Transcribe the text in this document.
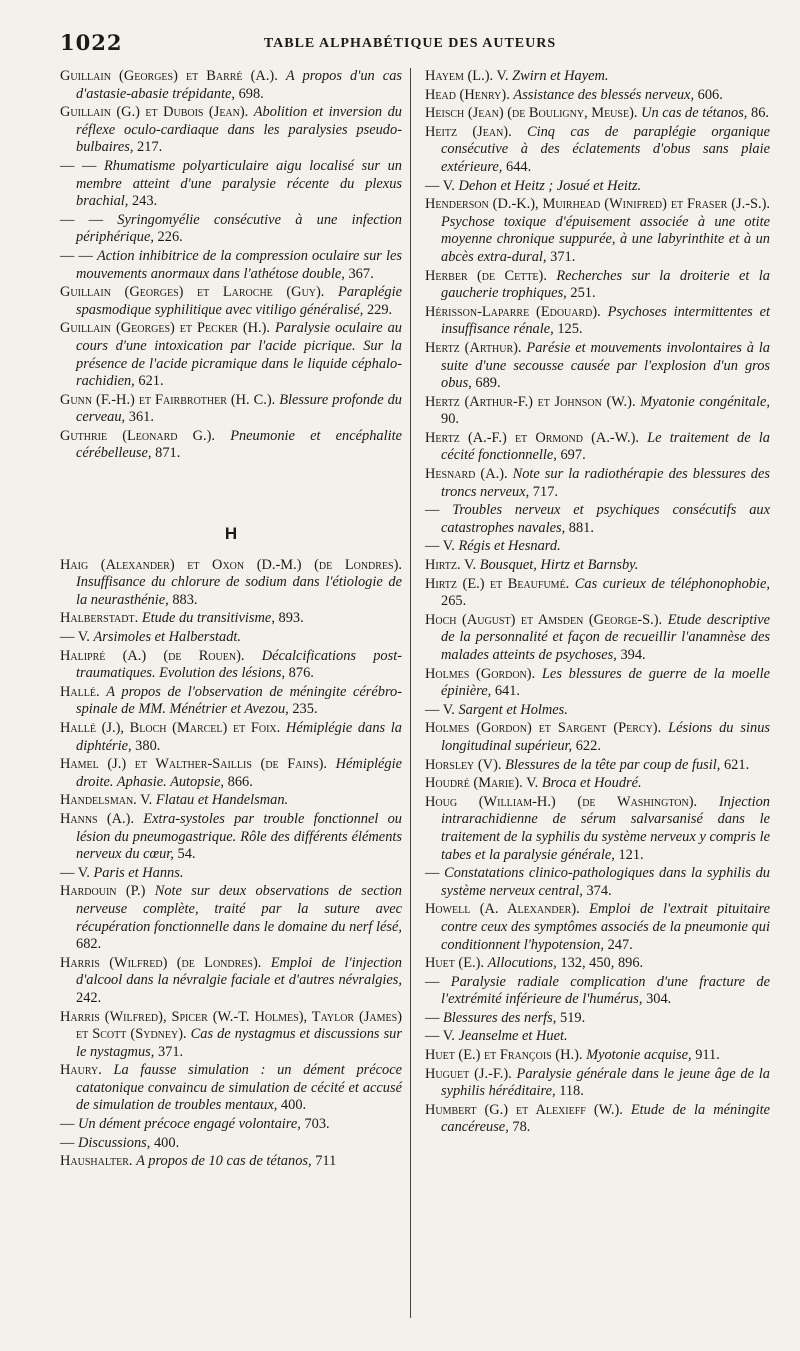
1022	TABLE ALPHABÉTIQUE DES AUTEURS

Guillain (Georges) et Barré (A.). A propos d'un cas d'astasie-abasie trépidante, 698.

Guillain (G.) et Dubois (Jean). Abolition et inversion du réflexe oculo-cardiaque dans les paralysies pseudo-bulbaires, 217.

— — Rhumatisme polyarticulaire aigu localisé sur un membre atteint d'une paralysie récente du plexus brachial, 243.

— — Syringomyélie consécutive à une infection périphérique, 226.

— — Action inhibitrice de la compression oculaire sur les mouvements anormaux dans l'athétose double, 367.

Guillain (Georges) et Laroche (Guy). Paraplégie spasmodique syphilitique avec vitiligo généralisé, 229.

Guillain (Georges) et Pecker (H.). Paralysie oculaire au cours d'une intoxication par l'acide picrique. Sur la présence de l'acide picramique dans le liquide céphalo-rachidien, 621.

Gunn (F.-H.) et Fairbrother (H. C.). Blessure profonde du cerveau, 361.

Guthrie (Leonard G.). Pneumonie et encéphalite cérébelleuse, 871.

H

Haig (Alexander) et Oxon (D.-M.) (de Londres). Insuffisance du chlorure de sodium dans l'étiologie de la neurasthénie, 883.

Halberstadt. Etude du transitivisme, 893.

— V. Arsimoles et Halberstadt.

Halipré (A.) (de Rouen). Décalcifications post-traumatiques. Evolution des lésions, 876.

Hallé. A propos de l'observation de méningite cérébro-spinale de MM. Ménétrier et Avezou, 235.

Hallé (J.), Bloch (Marcel) et Foix. Hémiplégie dans la diphtérie, 380.

Hamel (J.) et Walther-Saillis (de Fains). Hémiplégie droite. Aphasie. Autopsie, 866.

Handelsman. V. Flatau et Handelsman.

Hanns (A.). Extra-systoles par trouble fonctionnel ou lésion du pneumogastrique. Rôle des différents éléments nerveux du cœur, 54.

— V. Paris et Hanns.

Hardouin (P.) Note sur deux observations de section nerveuse complète, traité par la suture avec récupération fonctionnelle dans le domaine du nerf lésé, 682.

Harris (Wilfred) (de Londres). Emploi de l'injection d'alcool dans la névralgie faciale et d'autres névralgies, 242.

Harris (Wilfred), Spicer (W.-T. Holmes), Taylor (James) et Scott (Sydney). Cas de nystagmus et discussions sur le nystagmus, 371.

Haury. La fausse simulation : un dément précoce catatonique convaincu de simulation de cécité et accusé de simulation de troubles mentaux, 400.

— Un dément précoce engagé volontaire, 703.

— Discussions, 400.

Haushalter. A propos de 10 cas de tétanos, 711

Hayem (L.). V. Zwirn et Hayem.

Head (Henry). Assistance des blessés nerveux, 606.

Heisch (Jean) (de Bouligny, Meuse). Un cas de tétanos, 86.

Heitz (Jean). Cinq cas de paraplégie organique consécutive à des éclatements d'obus sans plaie extérieure, 644.

— V. Dehon et Heitz ; Josué et Heitz.

Henderson (D.-K.), Muirhead (Winifred) et Fraser (J.-S.). Psychose toxique d'épuisement associée à une otite moyenne chronique suppurée, à une labyrinthite et à un abcès extra-dural, 371.

Herber (de Cette). Recherches sur la droiterie et la gaucherie trophiques, 251.

Hérisson-Laparre (Edouard). Psychoses intermittentes et insuffisance rénale, 125.

Hertz (Arthur). Parésie et mouvements involontaires à la suite d'une secousse causée par l'explosion d'un gros obus, 689.

Hertz (Arthur-F.) et Johnson (W.). Myatonie congénitale, 90.

Hertz (A.-F.) et Ormond (A.-W.). Le traitement de la cécité fonctionnelle, 697.

Hesnard (A.). Note sur la radiothérapie des blessures des troncs nerveux, 717.

— Troubles nerveux et psychiques consécutifs aux catastrophes navales, 881.

— V. Régis et Hesnard.

Hirtz. V. Bousquet, Hirtz et Barnsby.

Hirtz (E.) et Beaufumé. Cas curieux de téléphonophobie, 265.

Hoch (August) et Amsden (George-S.). Etude descriptive de la personnalité et façon de recueillir l'anamnèse des malades atteints de psychoses, 394.

Holmes (Gordon). Les blessures de guerre de la moelle épinière, 641.

— V. Sargent et Holmes.

Holmes (Gordon) et Sargent (Percy). Lésions du sinus longitudinal supérieur, 622.

Horsley (V). Blessures de la tête par coup de fusil, 621.

Houdré (Marie). V. Broca et Houdré.

Houg (William-H.) (de Washington). Injection intrarachidienne de sérum salvarsanisé dans le traitement de la syphilis du système nerveux y compris le tabes et la paralysie générale, 121.

— Constatations clinico-pathologiques dans la syphilis du système nerveux central, 374.

Howell (A. Alexander). Emploi de l'extrait pituitaire contre ceux des symptômes associés de la pneumonie qui conditionnent l'hypotension, 247.

Huet (E.). Allocutions, 132, 450, 896.

— Paralysie radiale complication d'une fracture de l'extrémité inférieure de l'humérus, 304.

— Blessures des nerfs, 519.

— V. Jeanselme et Huet.

Huet (E.) et François (H.). Myotonie acquise, 911.

Huguet (J.-F.). Paralysie générale dans le jeune âge de la syphilis héréditaire, 118.

Humbert (G.) et Alexieff (W.). Etude de la méningite cancéreuse, 78.
